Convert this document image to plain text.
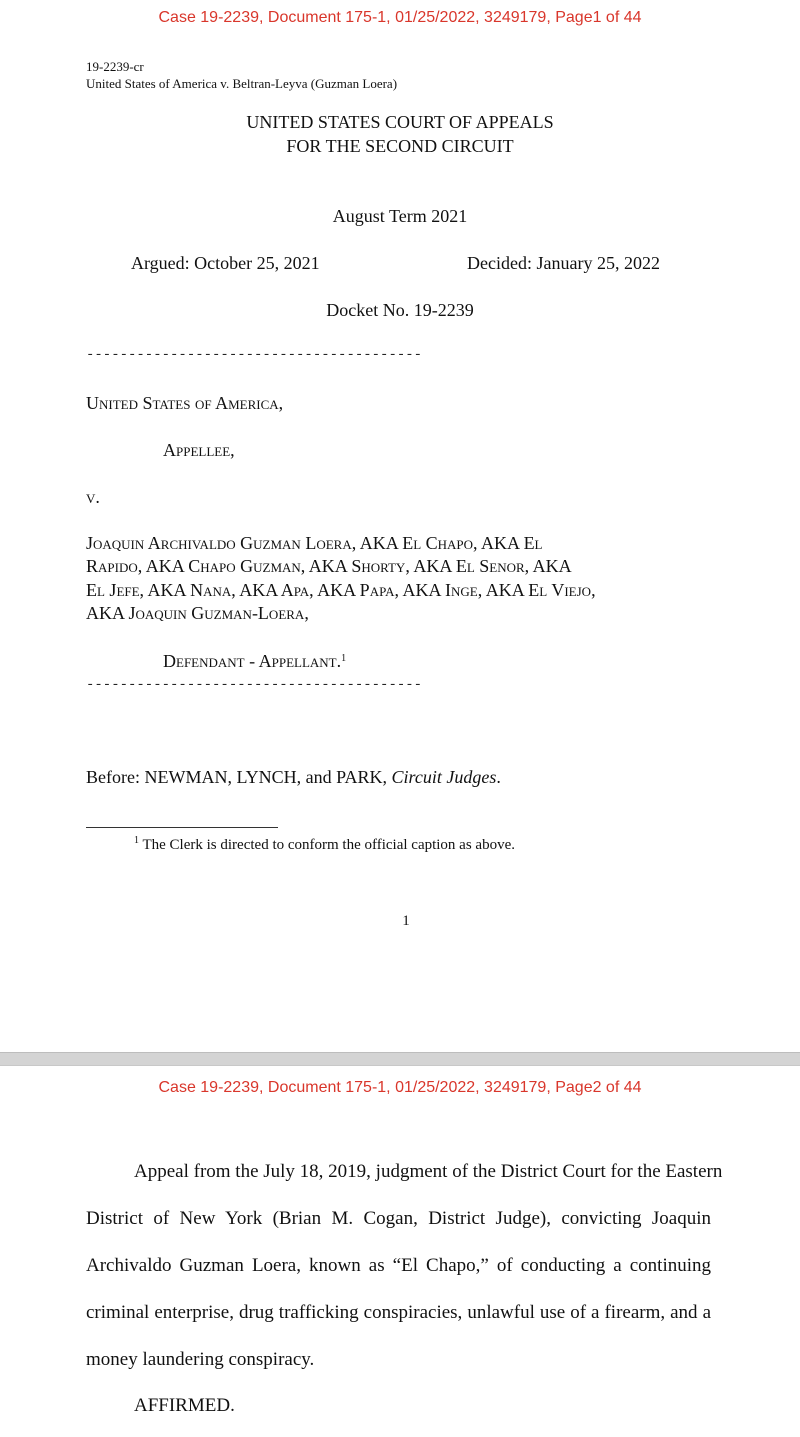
Case 19-2239, Document 175-1, 01/25/2022, 3249179, Page1 of 44
19-2239-cr
United States of America v. Beltran-Leyva (Guzman Loera)
UNITED STATES COURT OF APPEALS
FOR THE SECOND CIRCUIT
August Term 2021
Argued: October 25, 2021	Decided: January 25, 2022
Docket No. 19-2239
----------------------------------------
United States of America,
Appellee,
v.
Joaquin Archivaldo Guzman Loera, AKA El Chapo, AKA El
Rapido, AKA Chapo Guzman, AKA Shorty, AKA El Senor, AKA
El Jefe, AKA Nana, AKA Apa, AKA Papa, AKA Inge, AKA El Viejo,
AKA Joaquin Guzman-Loera,
Defendant - Appellant.$^1$
----------------------------------------
Before: NEWMAN, LYNCH, and PARK, Circuit Judges.
$^1$ The Clerk is directed to conform the official caption as above.
1
Case 19-2239, Document 175-1, 01/25/2022, 3249179, Page2 of 44
Appeal from the July 18, 2019, judgment of the District Court for the Eastern
District of New York (Brian M. Cogan, District Judge), convicting Joaquin
Archivaldo Guzman Loera, known as “El Chapo,” of conducting a continuing
criminal enterprise, drug trafficking conspiracies, unlawful use of a firearm, and a
money laundering conspiracy.
AFFIRMED.
